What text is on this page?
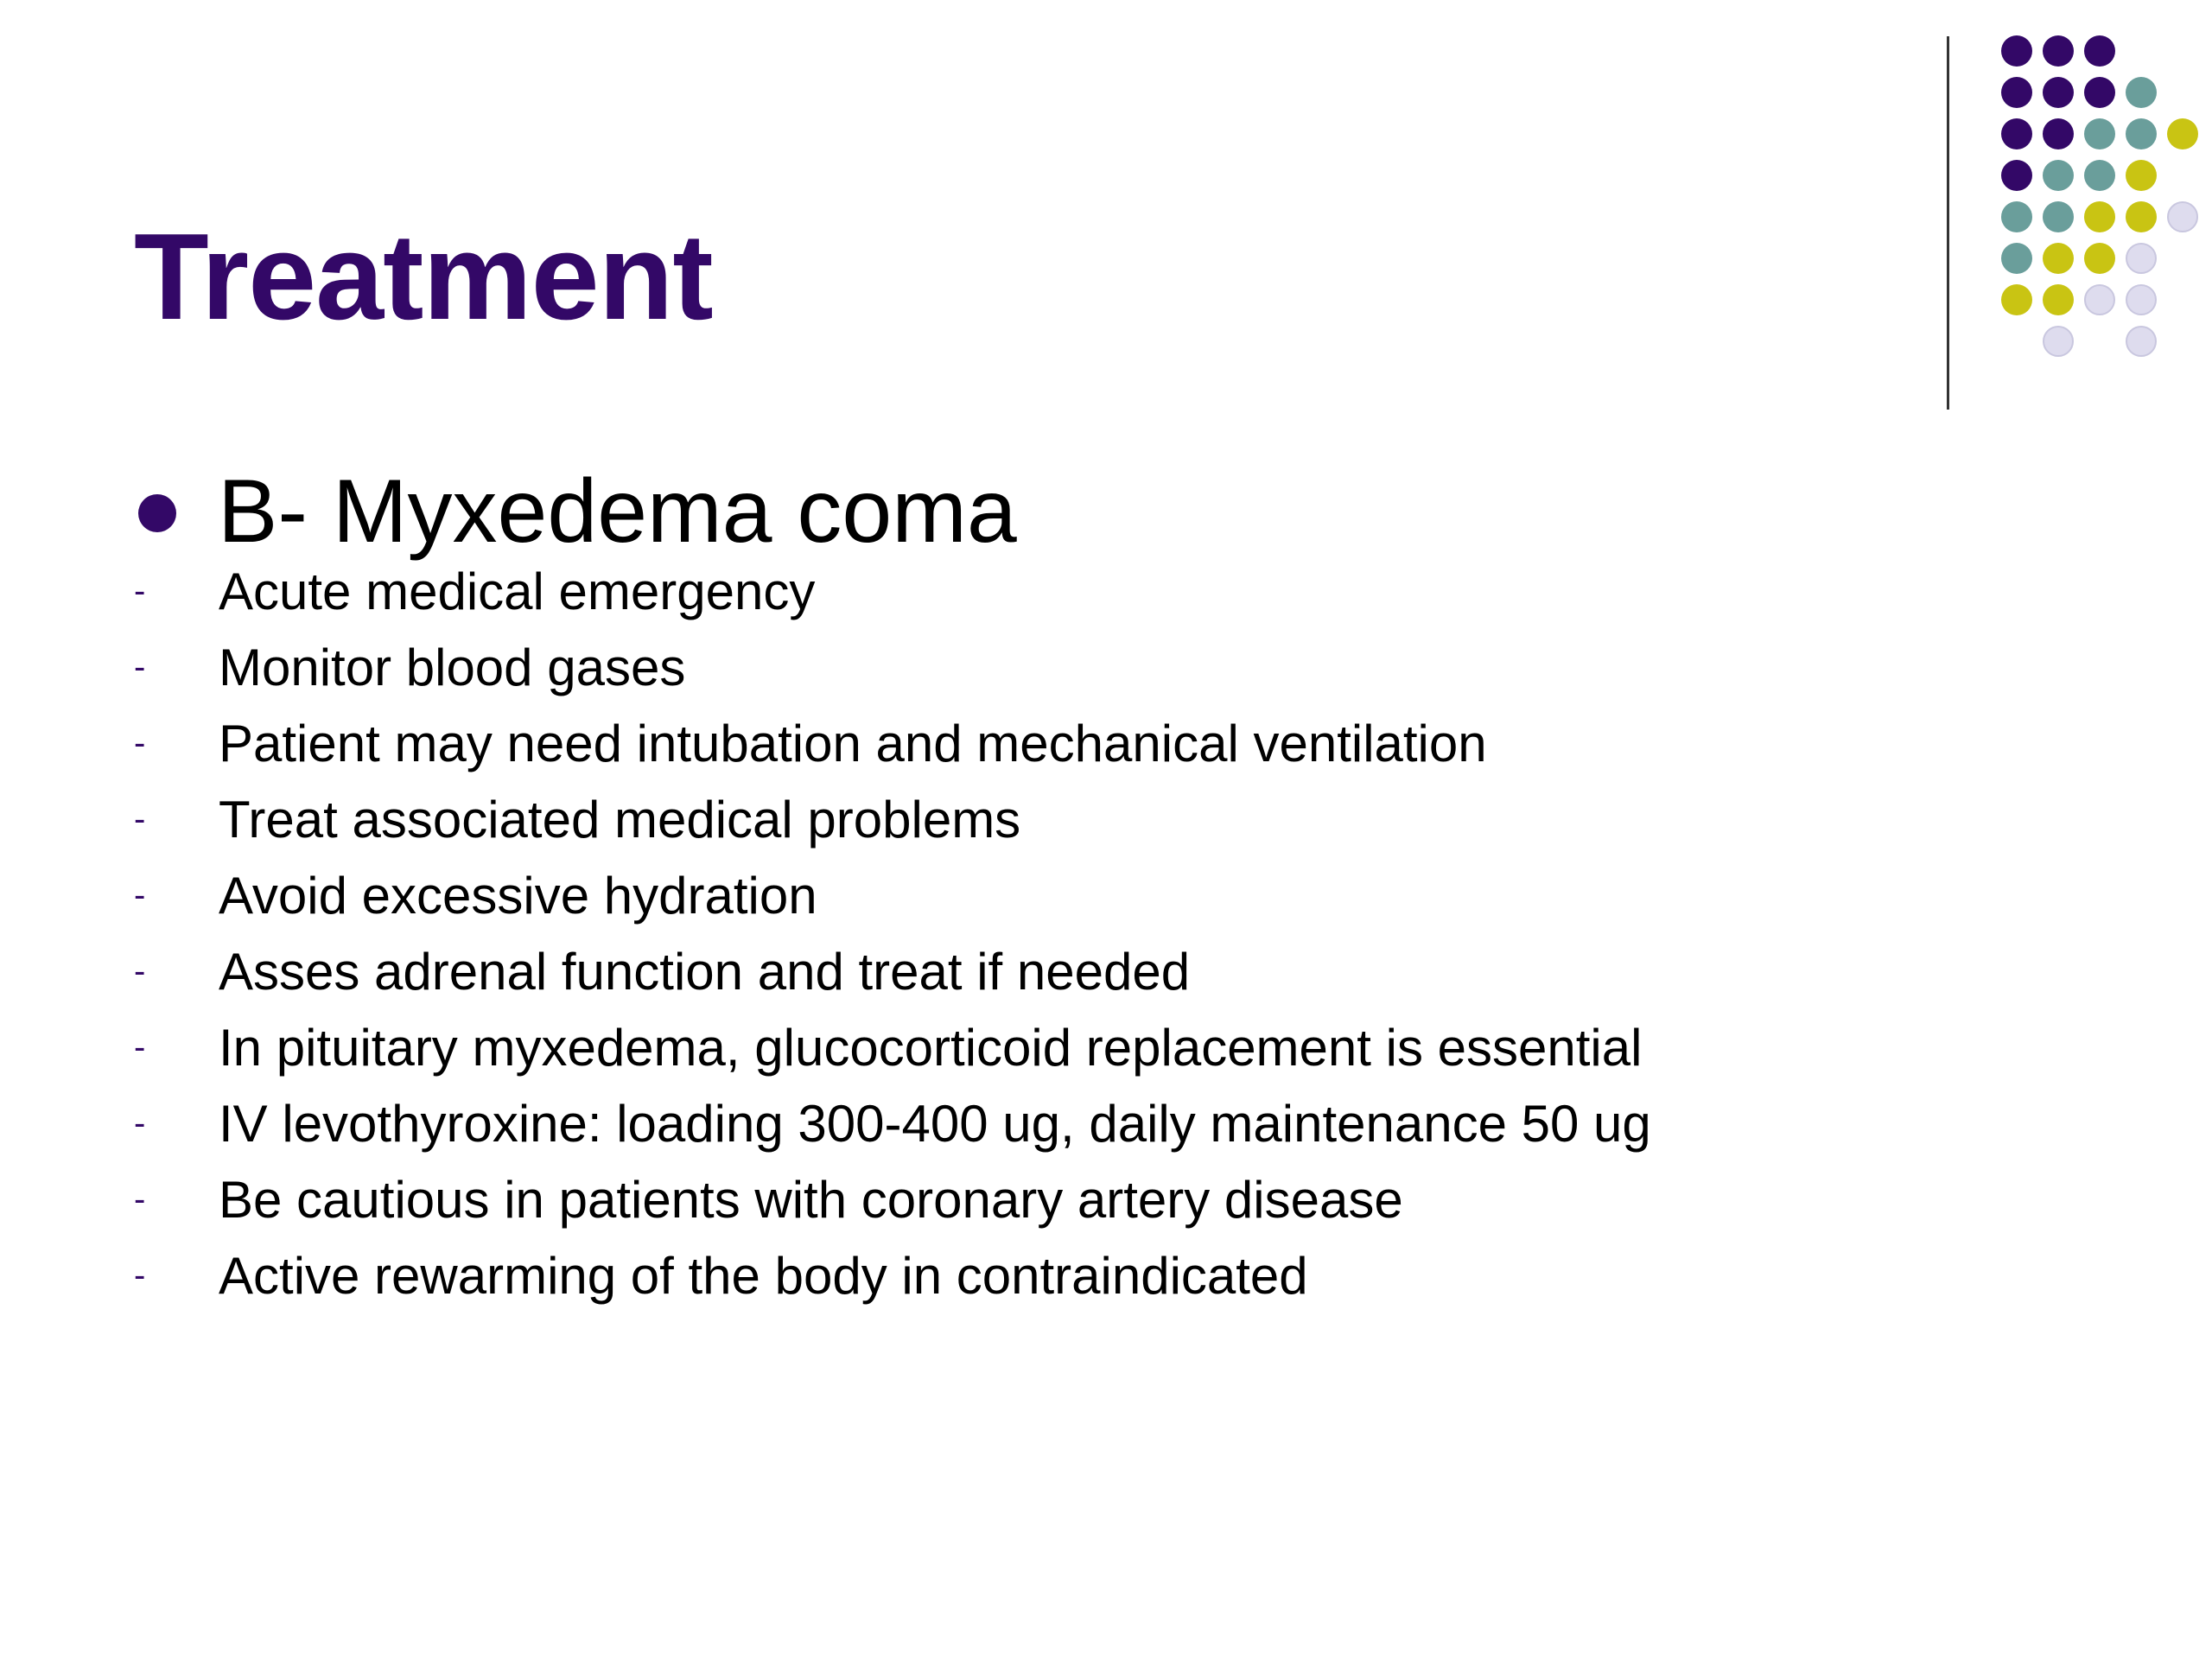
Treatment
B- Myxedema coma
- Acute medical emergency
- Monitor blood gases
- Patient may need intubation and mechanical ventilation
- Treat associated medical problems
- Avoid excessive hydration
- Asses adrenal function and treat if needed
- In pituitary myxedema, glucocorticoid replacement is essential
- IV levothyroxine: loading 300-400 ug, daily maintenance 50 ug
- Be cautious in patients with coronary artery disease
- Active rewarming of the body in contraindicated
